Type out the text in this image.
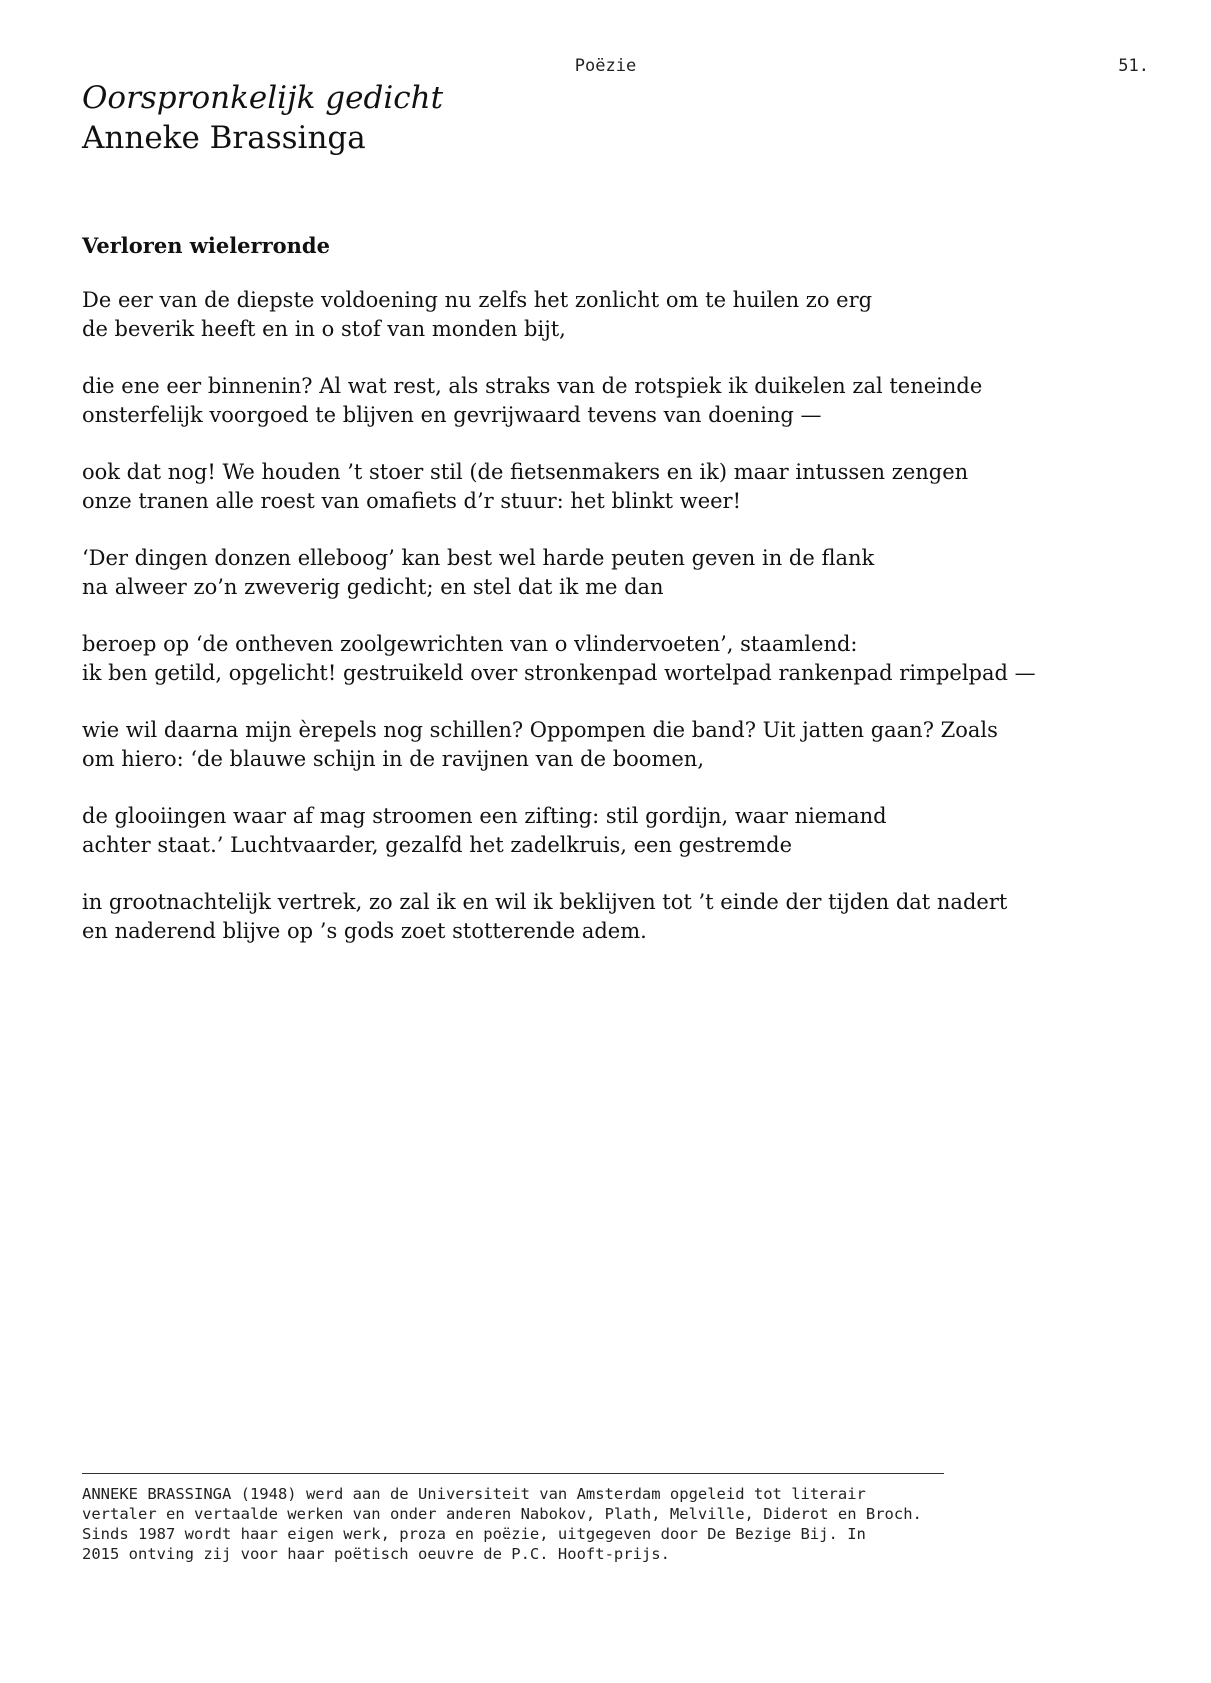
Poëzie	51.
Oorspronkelijk gedicht
Anneke Brassinga
Verloren wielerronde
De eer van de diepste voldoening nu zelfs het zonlicht om te huilen zo erg
de beverik heeft en in o stof van monden bijt,
die ene eer binnenin? Al wat rest, als straks van de rotspiek ik duikelen zal teneinde
onsterfelijk voorgoed te blijven en gevrijwaard tevens van doening —
ook dat nog! We houden ’t stoer stil (de fietsenmakers en ik) maar intussen zengen
onze tranen alle roest van omafiets d’r stuur: het blinkt weer!
‘Der dingen donzen elleboog’ kan best wel harde peuten geven in de flank
na alweer zo’n zweverig gedicht; en stel dat ik me dan
beroep op ‘de ontheven zoolgewrichten van o vlindervoeten’, staamlend:
ik ben getild, opgelicht! gestruikeld over stronkenpad wortelpad rankenpad rimpelpad —
wie wil daarna mijn èrepels nog schillen? Oppompen die band? Uit jatten gaan? Zoals
om hiero: ‘de blauwe schijn in de ravijnen van de boomen,
de glooiingen waar af mag stroomen een zifting: stil gordijn, waar niemand
achter staat.’ Luchtvaarder, gezalfd het zadelkruis, een gestremde
in grootnachtelijk vertrek, zo zal ik en wil ik beklijven tot ’t einde der tijden dat nadert
en naderend blijve op ’s gods zoet stotterende adem.
ANNEKE BRASSINGA (1948) werd aan de Universiteit van Amsterdam opgeleid tot literair
vertaler en vertaalde werken van onder anderen Nabokov, Plath, Melville, Diderot en Broch.
Sinds 1987 wordt haar eigen werk, proza en poëzie, uitgegeven door De Bezige Bij. In
2015 ontving zij voor haar poëtisch oeuvre de P.C. Hooft-prijs.
